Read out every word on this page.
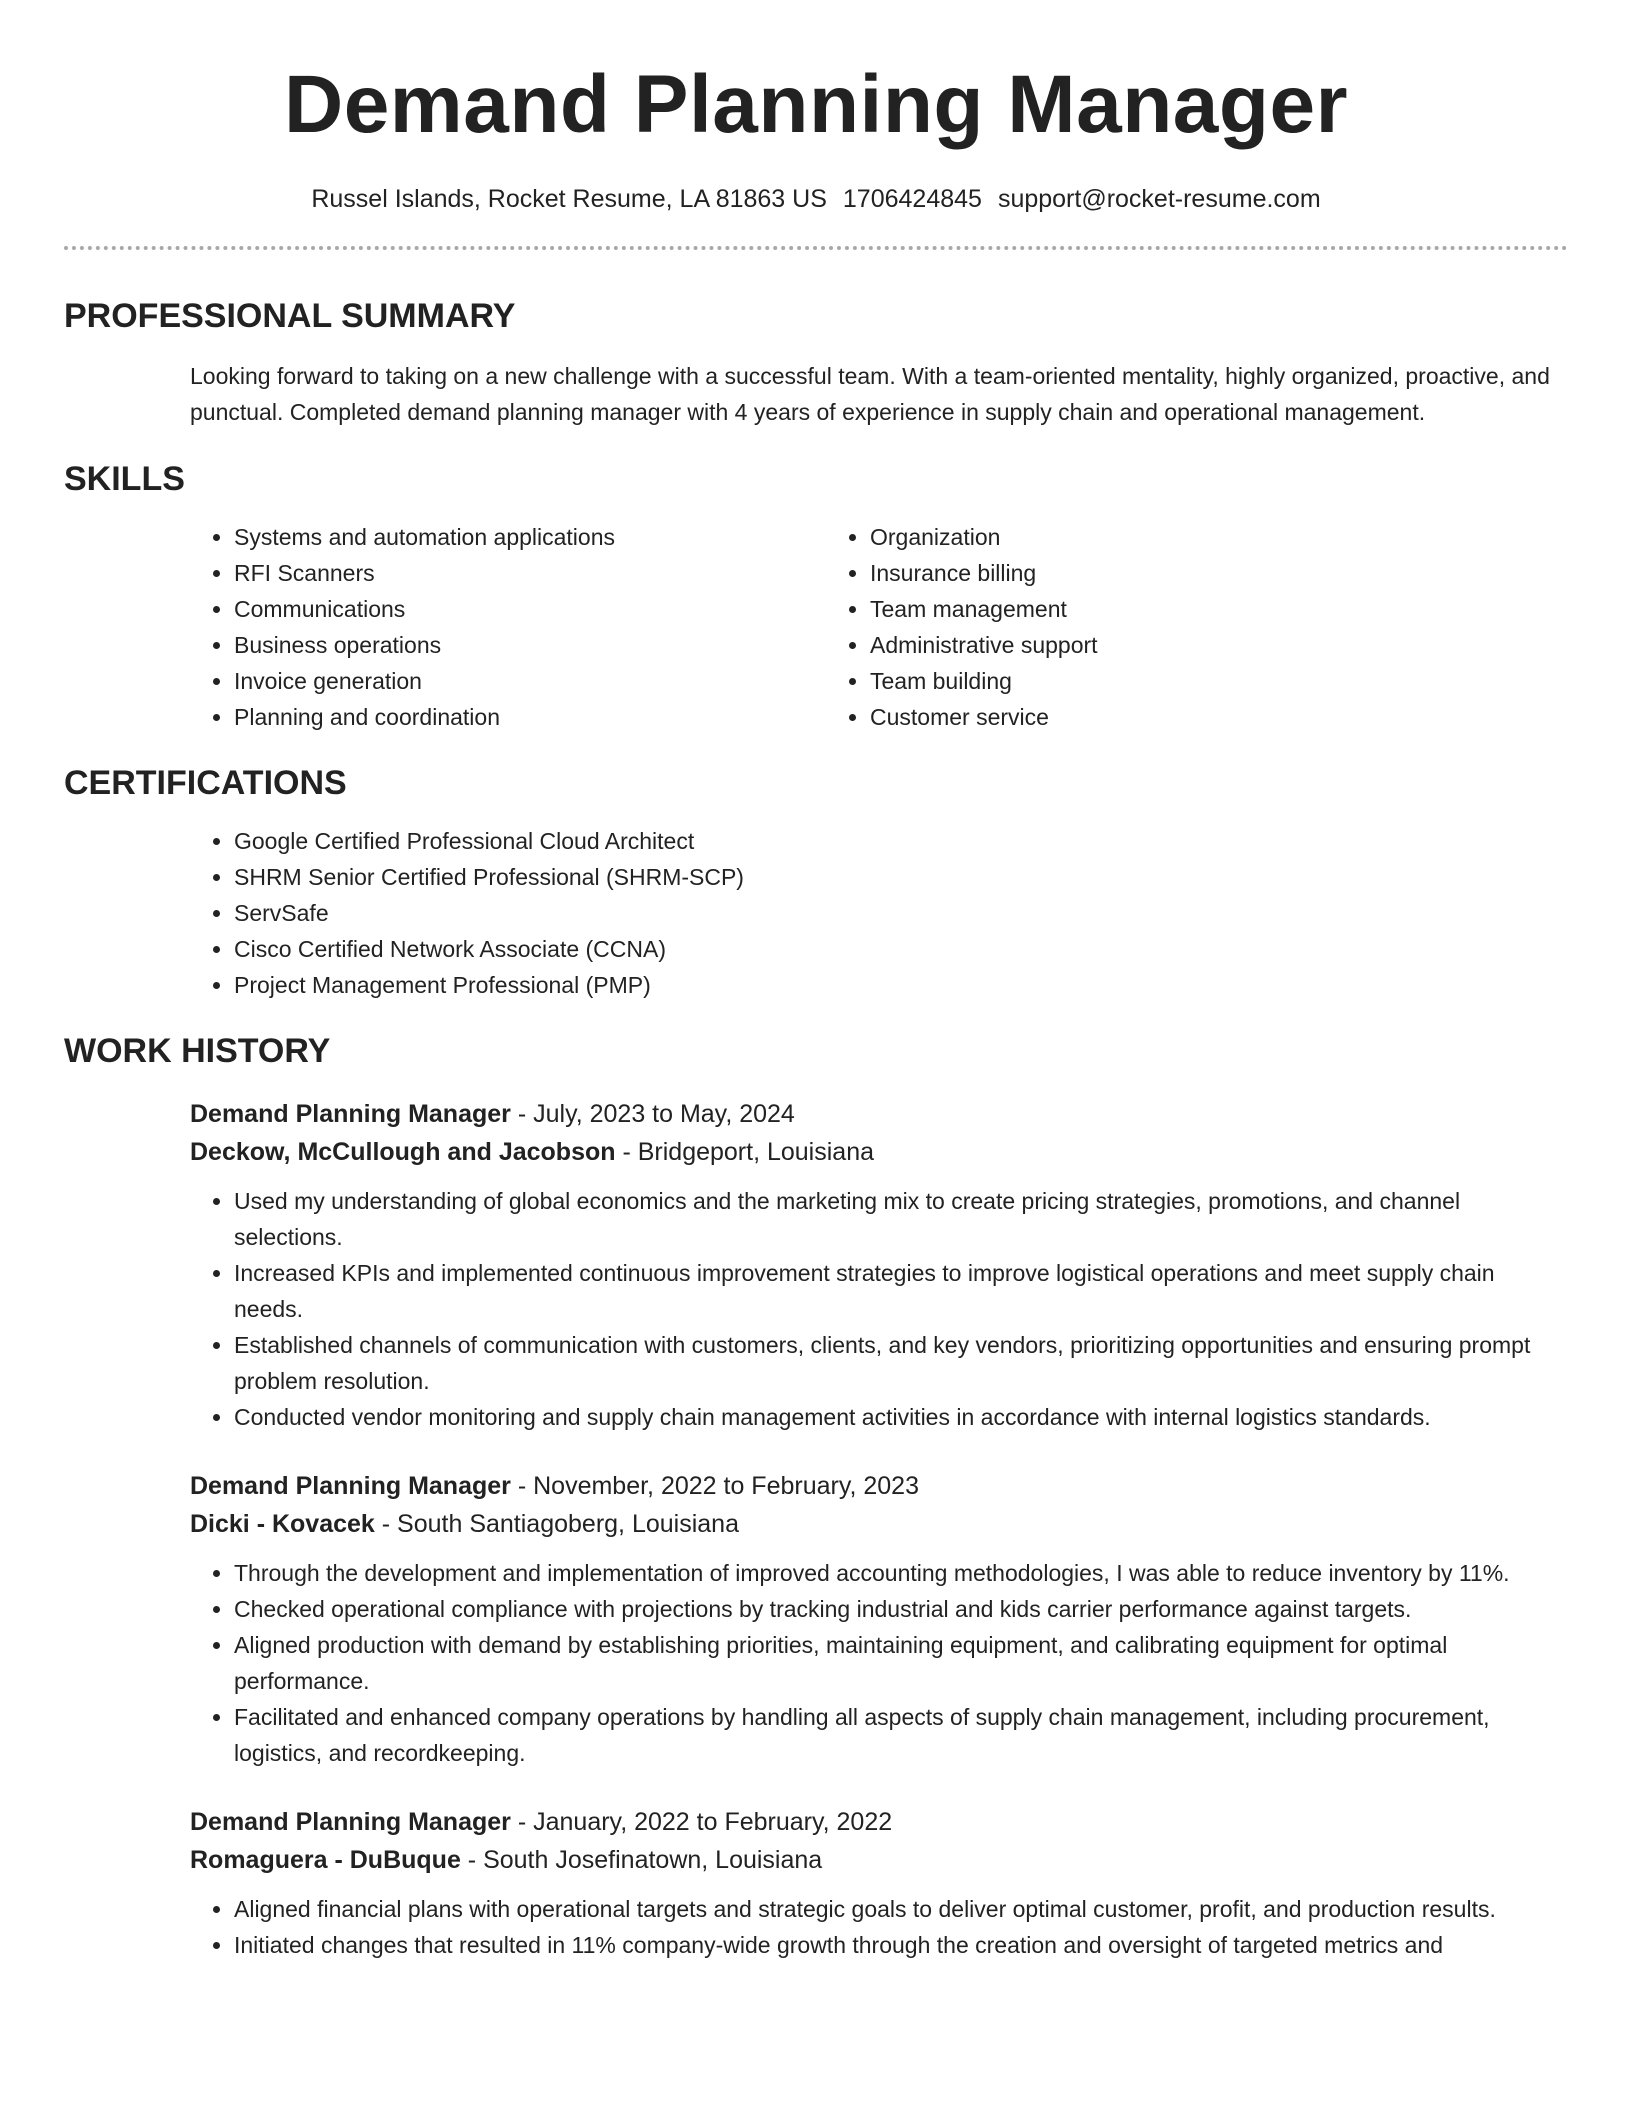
Demand Planning Manager
Russel Islands, Rocket Resume, LA 81863 US 1706424845 support@rocket-resume.com
PROFESSIONAL SUMMARY

Looking forward to taking on a new challenge with a successful team. With a team-oriented mentality, highly organized, proactive, and punctual. Completed demand planning manager with 4 years of experience in supply chain and operational management.

SKILLS
• Systems and automation applications
• RFI Scanners
• Communications
• Business operations
• Invoice generation
• Planning and coordination
• Organization
• Insurance billing
• Team management
• Administrative support
• Team building
• Customer service
CERTIFICATIONS
• Google Certified Professional Cloud Architect
• SHRM Senior Certified Professional (SHRM-SCP)
• ServSafe
• Cisco Certified Network Associate (CCNA)
• Project Management Professional (PMP)
WORK HISTORY
Demand Planning Manager - July, 2023 to May, 2024
Deckow, McCullough and Jacobson - Bridgeport, Louisiana
• Used my understanding of global economics and the marketing mix to create pricing strategies, promotions, and channel selections.
• Increased KPIs and implemented continuous improvement strategies to improve logistical operations and meet supply chain needs.
• Established channels of communication with customers, clients, and key vendors, prioritizing opportunities and ensuring prompt problem resolution.
• Conducted vendor monitoring and supply chain management activities in accordance with internal logistics standards.
Demand Planning Manager - November, 2022 to February, 2023
Dicki - Kovacek - South Santiagoberg, Louisiana
• Through the development and implementation of improved accounting methodologies, I was able to reduce inventory by 11%.
• Checked operational compliance with projections by tracking industrial and kids carrier performance against targets.
• Aligned production with demand by establishing priorities, maintaining equipment, and calibrating equipment for optimal performance.
• Facilitated and enhanced company operations by handling all aspects of supply chain management, including procurement, logistics, and recordkeeping.
Demand Planning Manager - January, 2022 to February, 2022
Romaguera - DuBuque - South Josefinatown, Louisiana
• Aligned financial plans with operational targets and strategic goals to deliver optimal customer, profit, and production results.
• Initiated changes that resulted in 11% company-wide growth through the creation and oversight of targeted metrics and
